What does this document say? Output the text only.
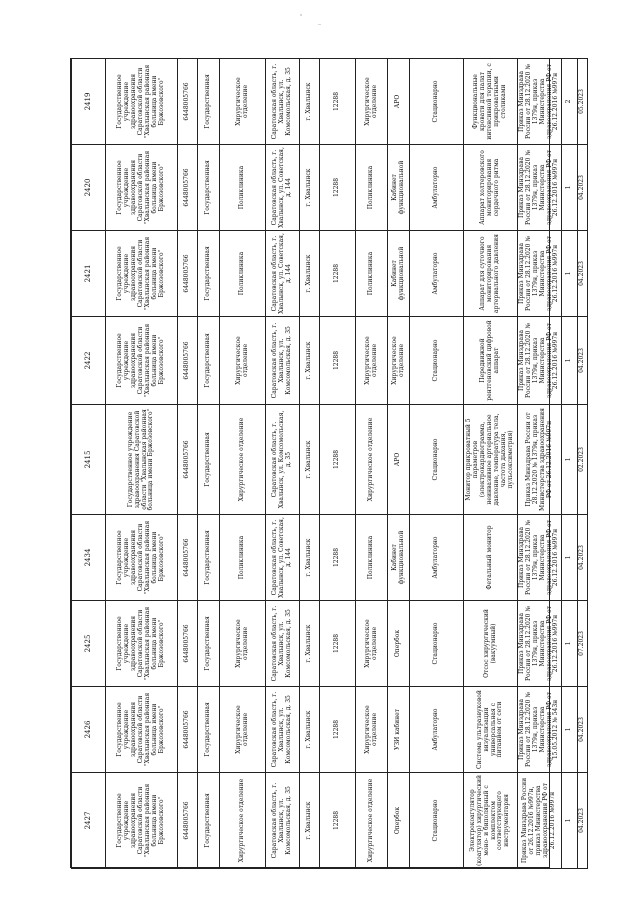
2427	2426	2425	2434	2415	2422	2421	2420	2419
Государственное учреждение здравоохранения Саратовской области "Хвалынская районная больница имени Бржозовского"	Государственное учреждение здравоохранения Саратовской области "Хвалынская районная больница имени Бржозовского"	Государственное учреждение здравоохранения Саратовской области "Хвалынская районная больница имени Бржозовского"	Государственное учреждение здравоохранения Саратовской области "Хвалынская районная больница имени Бржозовского"	Государственное учреждение здравоохранения Саратовской области "Хвалынская районная больница имени Бржозовского"	Государственное учреждение здравоохранения Саратовской области "Хвалынская районная больница имени Бржозовского"	Государственное учреждение здравоохранения Саратовской области "Хвалынская районная больница имени Бржозовского"	Государственное учреждение здравоохранения Саратовской области "Хвалынская районная больница имени Бржозовского"	Государственное учреждение здравоохранения Саратовской области "Хвалынская районная больница имени Бржозовского"
6448005766	6448005766	6448005766	6448005766	6448005766	6448005766	6448005766	6448005766	6448005766
Государственная	Государственная	Государственная	Государственная	Государственная	Государственная	Государственная	Государственная	Государственная
Хирургическое отделение	Хирургическое отделение	Хирургическое отделение	Поликлиника	Хирургическое отделение	Хирургическое отделение	Поликлиника	Поликлиника	Хирургическое отделение
Саратовская область, г. Хвалынск, ул. Комсомольская, д. 35	Саратовская область, г. Хвалынск, ул. Комсомольская, д. 35	Саратовская область, г. Хвалынск, ул. Комсомольская, д. 35	Саратовская область, г. Хвалынск, ул. Советская, д. 144	Саратовская область, г. Хвалынск, ул. Комсомольская, д. 35	Саратовская область, г. Хвалынск, ул. Комсомольская, д. 35	Саратовская область, г. Хвалынск, ул. Советская, д. 144	Саратовская область, г. Хвалынск, ул. Советская, д. 144	Саратовская область, г. Хвалынск, ул. Комсомольская, д. 35
г. Хвалынск	г. Хвалынск	г. Хвалынск	г. Хвалынск	г. Хвалынск	г. Хвалынск	г. Хвалынск	г. Хвалынск	г. Хвалынск
12288	12288	12288	12288	12288	12288	12288	12288	12288
Хирургическое отделение	Хирургическое отделение	Хирургическое отделение	Поликлиника	Хирургическое отделение	Хирургическое отделение	Поликлиника	Поликлиника	Хирургическое отделение
Опербок	УЗИ кабинет	Опербок	Кабинет функциональной	АРО	Хирургическое отделение	Кабинет функциональной	Кабинет функциональной	АРО
Стационарно	Амбулаторно	Стационарно	Амбулаторно	Стационарно	Стационарно	Амбулаторно	Амбулаторно	Стационарно
Электрокоагулятор (коагулятор) хирургический моно- и биполярный с комплектом соответствующего инструментария	Система ультразвуковой визуализации универсальная с питанием от сети	Отсос хирургический (вакуумный)	Фетальный монитор	Монитор прикроватный 5 параметров (электрокардиограмма, неинвазивное артериальное давление, температура тела, частота дыхания, пульсоксиметрия)	Передвижной рентгеновский цифровой аппарат	Аппарат для суточного мониторирования артериального давления	Аппарат холтеровского мониторирования сердечного ритма	Функциональные кровати для палат интенсивной терапии, с прикроватными столиками
Приказ Минздрава России от 26.12.2016 №997н, приказ Министерства здравоохранения РФ от 26.12.2016 №997н	Приказ Минздрава России от 28.12.2020 № 1379н, приказ Министерства здравоохранения РФ от 15.05.2012 № 543н	Приказ Минздрава России от 28.12.2020 № 1379н, приказ Министерства здравоохранения РФ от 26.12.2016 №997н	Приказ Минздрава России от 28.12.2020 № 1379н, приказ Министерства здравоохранения РФ от 26.12.2016 №997н	Приказ Минздрава России от 28.12.2020 № 1379н, приказ Министерства здравоохранения РФ от 26.12.2016 №997н	Приказ Минздрава России от 28.12.2020 № 1379н, приказ Министерства здравоохранения РФ от 26.12.2016 №997н	Приказ Минздрава России от 28.12.2020 № 1379н, приказ Министерства здравоохранения РФ от 26.12.2016 №997н	Приказ Минздрава России от 28.12.2020 № 1379н, приказ Министерства здравоохранения РФ от 26.12.2016 №997н	Приказ Минздрава России от 28.12.2020 № 1379н, приказ Министерства здравоохранения РФ от 26.12.2016 №997н
1	1	1	1	1	1	1	1	2
04.2023	04.2023	07.2023	04.2023	02.2023	04.2023	04.2023	04.2023	05.2023
